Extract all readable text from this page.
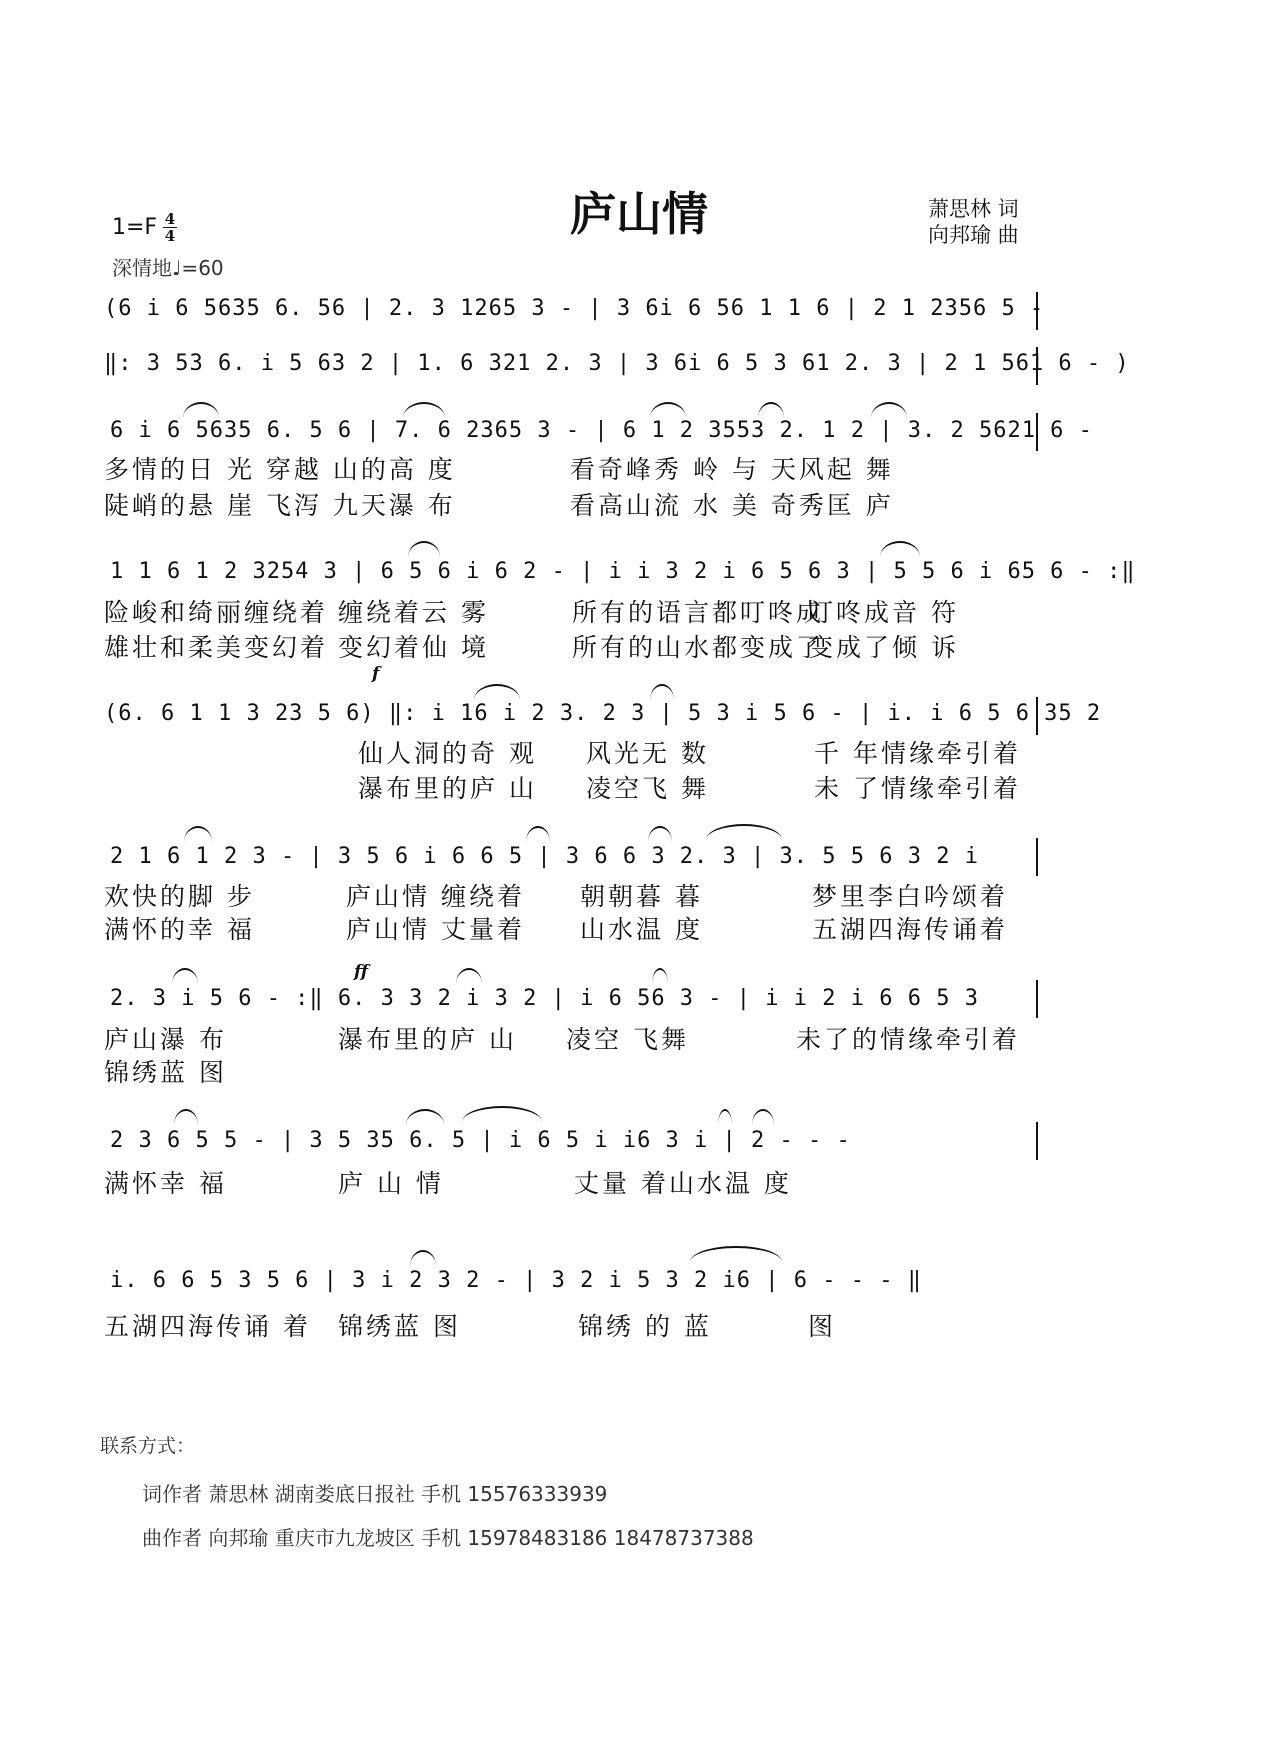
庐山情	萧思林 词
向邦瑜 曲
$1=F \frac{4}{4}$
深情地♩=60
(6 i 6 5635 6. 56 | 2. 3 1265 3 - | 3 6i 6 56 1 1 6 | 2 1 2356 5 -
‖: 3 53 6. i 5 63 2 | 1. 6 321 2. 3 | 3 6i 6 5 3 61 2. 3 | 2 1 561 6 - )
6 i 6 5635 6. 5 6 | 7. 6 2365 3 - | 6 1 2 3553 2. 1 2 | 3. 2 5621 6 -
多情的日 光 穿越 山的高 度	看奇峰秀 岭 与 天风起 舞
陡峭的悬 崖 飞泻 九天瀑 布	看高山流 水 美 奇秀匡 庐
1 1 6 1 2 3254 3 | 6 5 6 i 6 2 - | i i 3 2 i 6 5 6 3 | 5 5 6 i 65 6 - :‖
险峻和绮丽缠绕着 缠绕着云 雾	所有的语言都叮咚成
叮咚成音 符
雄壮和柔美变幻着 变幻着仙 境	所有的山水都变成了
变成了倾 诉
f
(6. 6 1 1 3 23 5 6) ‖: i 16 i 2 3. 2 3 | 5 3 i 5 6 - | i. i 6 5 6 35 2
仙人洞的奇 观 风光无 数	千 年情缘牵引着
瀑布里的庐 山 凌空飞 舞	未 了情缘牵引着
2 1 6 1 2 3 - | 3 5 6 i 6 6 5 | 3 6 6 3 2. 3 | 3. 5 5 6 3 2 i
欢快的脚 步	庐山情 缠绕着 朝朝暮 暮	梦里李白吟颂着
满怀的幸 福	庐山情 丈量着 山水温 度	五湖四海传诵着
ff
2. 3 i 5 6 - :‖ 6. 3 3 2 i 3 2 | i 6 56 3 - | i i 2 i 6 6 5 3
庐山瀑 布	瀑布里的庐 山 凌空 飞舞	未了的情缘牵引着
锦绣蓝 图
2 3 6 5 5 - | 3 5 35 6. 5 | i 6 5 i i6 3 i | 2 - - -
满怀幸 福	庐 山 情	丈量 着山水温 度
i. 6 6 5 3 5 6 | 3 i 2 3 2 - | 3 2 i 5 3 2 i6 | 6 - - - ‖
五湖四海传诵 着 锦绣蓝 图	锦绣 的 蓝	图
联系方式：
词作者 萧思林 湖南娄底日报社 手机 15576333939
曲作者 向邦瑜 重庆市九龙坡区 手机 15978483186 18478737388
